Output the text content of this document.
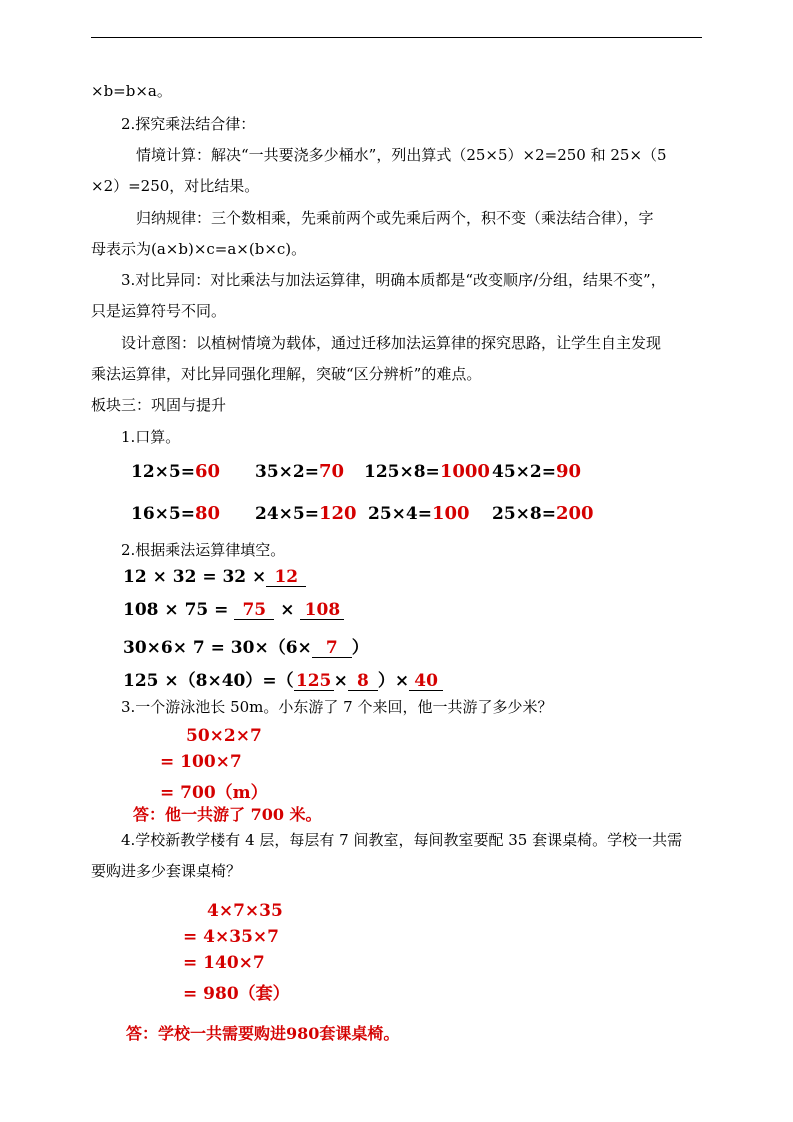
×b=b×a。
2.探究乘法结合律：
情境计算：解决“一共要浇多少桶水”，列出算式（25×5）×2=250 和 25×（5
×2）=250，对比结果。
归纳规律：三个数相乘，先乘前两个或先乘后两个，积不变（乘法结合律），字
母表示为(a×b)×c=a×(b×c)。
3.对比异同：对比乘法与加法运算律，明确本质都是“改变顺序/分组，结果不变”，
只是运算符号不同。
设计意图：以植树情境为载体，通过迁移加法运算律的探究思路，让学生自主发现
乘法运算律，对比异同强化理解，突破“区分辨析”的难点。
板块三：巩固与提升
1.口算。
12×5=60 35×2=70 125×8=1000 45×2=90
16×5=80 24×5=120 25×4=100 25×8=200
2.根据乘法运算律填空。
12 × 32 = 32 × 12
108 × 75 = 75 × 108
30×6× 7 = 30×（6× 7 ）
125 ×（8×40）=（ 125 × 8 ）× 40
3.一个游泳池长 50m。小东游了 7 个来回，他一共游了多少米？
50×2×7
= 100×7
= 700（m）
答：他一共游了 700 米。
4.学校新教学楼有 4 层，每层有 7 间教室，每间教室要配 35 套课桌椅。学校一共需
要购进多少套课桌椅？
4×7×35
= 4×35×7
= 140×7
= 980（套）
答：学校一共需要购进980套课桌椅。
